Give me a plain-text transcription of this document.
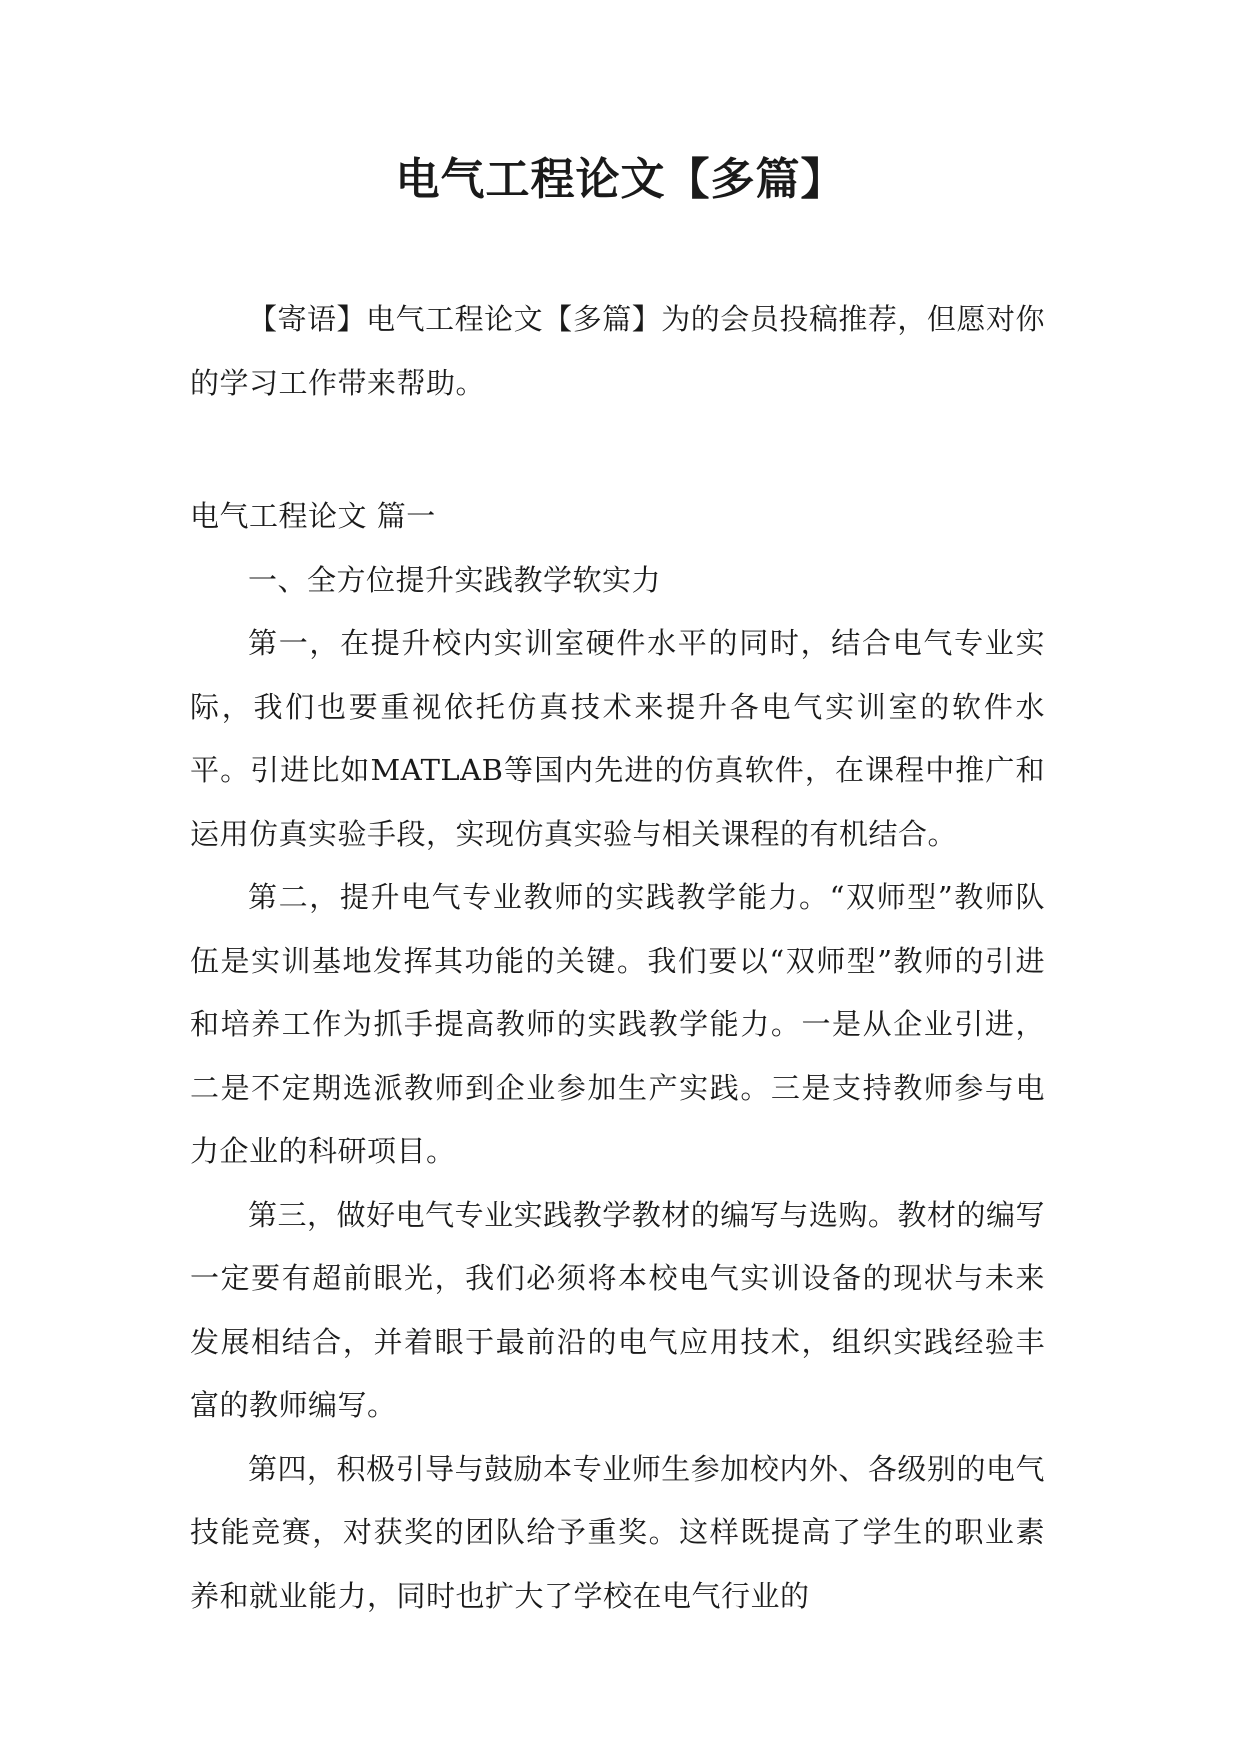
电气工程论文【多篇】

【寄语】电气工程论文【多篇】为的会员投稿推荐，但愿对你的学习工作带来帮助。

电气工程论文 篇一

一、全方位提升实践教学软实力

第一，在提升校内实训室硬件水平的同时，结合电气专业实际，我们也要重视依托仿真技术来提升各电气实训室的软件水平。引进比如MATLAB等国内先进的仿真软件，在课程中推广和运用仿真实验手段，实现仿真实验与相关课程的有机结合。

第二，提升电气专业教师的实践教学能力。“双师型”教师队伍是实训基地发挥其功能的关键。我们要以“双师型”教师的引进和培养工作为抓手提高教师的实践教学能力。一是从企业引进，二是不定期选派教师到企业参加生产实践。三是支持教师参与电力企业的科研项目。

第三，做好电气专业实践教学教材的编写与选购。教材的编写一定要有超前眼光，我们必须将本校电气实训设备的现状与未来发展相结合，并着眼于最前沿的电气应用技术，组织实践经验丰富的教师编写。

第四，积极引导与鼓励本专业师生参加校内外、各级别的电气技能竞赛，对获奖的团队给予重奖。这样既提高了学生的职业素养和就业能力，同时也扩大了学校在电气行业的
